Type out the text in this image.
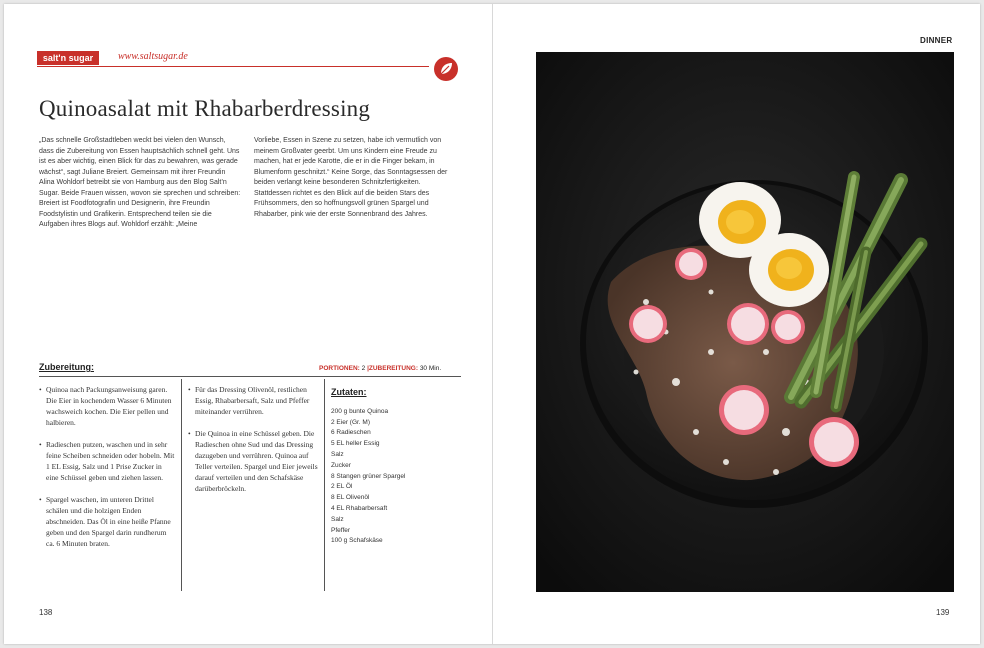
salt'n sugar	www.saltsugar.de
Quinoasalat mit Rhabarberdressing

„Das schnelle Großstadtleben weckt bei vielen den Wunsch, dass die Zubereitung von Essen hauptsächlich schnell geht. Uns ist es aber wichtig, einen Blick für das zu bewahren, was gerade wächst“, sagt Juliane Breiert. Gemeinsam mit ihrer Freundin Alina Wohldorf betreibt sie von Hamburg aus den Blog Salt’n Sugar. Beide Frauen wissen, wovon sie sprechen und schreiben: Breiert ist Foodfotografin und Designerin, ihre Freundin Foodstylistin und Grafikerin. Entsprechend teilen sie die Aufgaben ihres Blogs auf. Wohldorf erzählt: „Meine

Vorliebe, Essen in Szene zu setzen, habe ich vermutlich von meinem Großvater geerbt. Um uns Kindern eine Freude zu machen, hat er jede Karotte, die er in die Finger bekam, in Blumenform geschnitzt.“ Keine Sorge, das Sonntagsessen der beiden verlangt keine besonderen Schnitzfertigkeiten. Stattdessen richtet es den Blick auf die beiden Stars des Frühsommers, den so hoffnungsvoll grünen Spargel und Rhabarber, pink wie der erste Sonnenbrand des Jahres.

Zubereitung:	PORTIONEN: 2 |ZUBEREITUNG: 30 Min.
• Quinoa nach Packungsanweisung garen. Die Eier in kochendem Wasser 6 Minuten wachsweich kochen. Die Eier pellen und halbieren.
• Radieschen putzen, waschen und in sehr feine Scheiben schneiden oder hobeln. Mit 1 EL Essig, Salz und 1 Prise Zucker in eine Schüssel geben und ziehen lassen.
• Spargel waschen, im unteren Drittel schälen und die holzigen Enden abschneiden. Das Öl in eine heiße Pfanne geben und den Spargel darin rundherum ca. 6 Minuten braten.
• Für das Dressing Olivenöl, restlichen Essig, Rhabarbersaft, Salz und Pfeffer miteinander verrühren.
• Die Quinoa in eine Schüssel geben. Die Radieschen ohne Sud und das Dressing dazugeben und verrühren. Quinoa auf Teller verteilen. Spargel und Eier jeweils darauf verteilen und den Schafskäse darüberbröckeln.
Zutaten:
200 g bunte Quinoa
2 Eier (Gr. M)
6 Radieschen
5 EL heller Essig
Salz
Zucker
8 Stangen grüner Spargel
2 EL Öl
8 EL Olivenöl
4 EL Rhabarbersaft
Salz
Pfeffer
100 g Schafskäse
138
DINNER
139
